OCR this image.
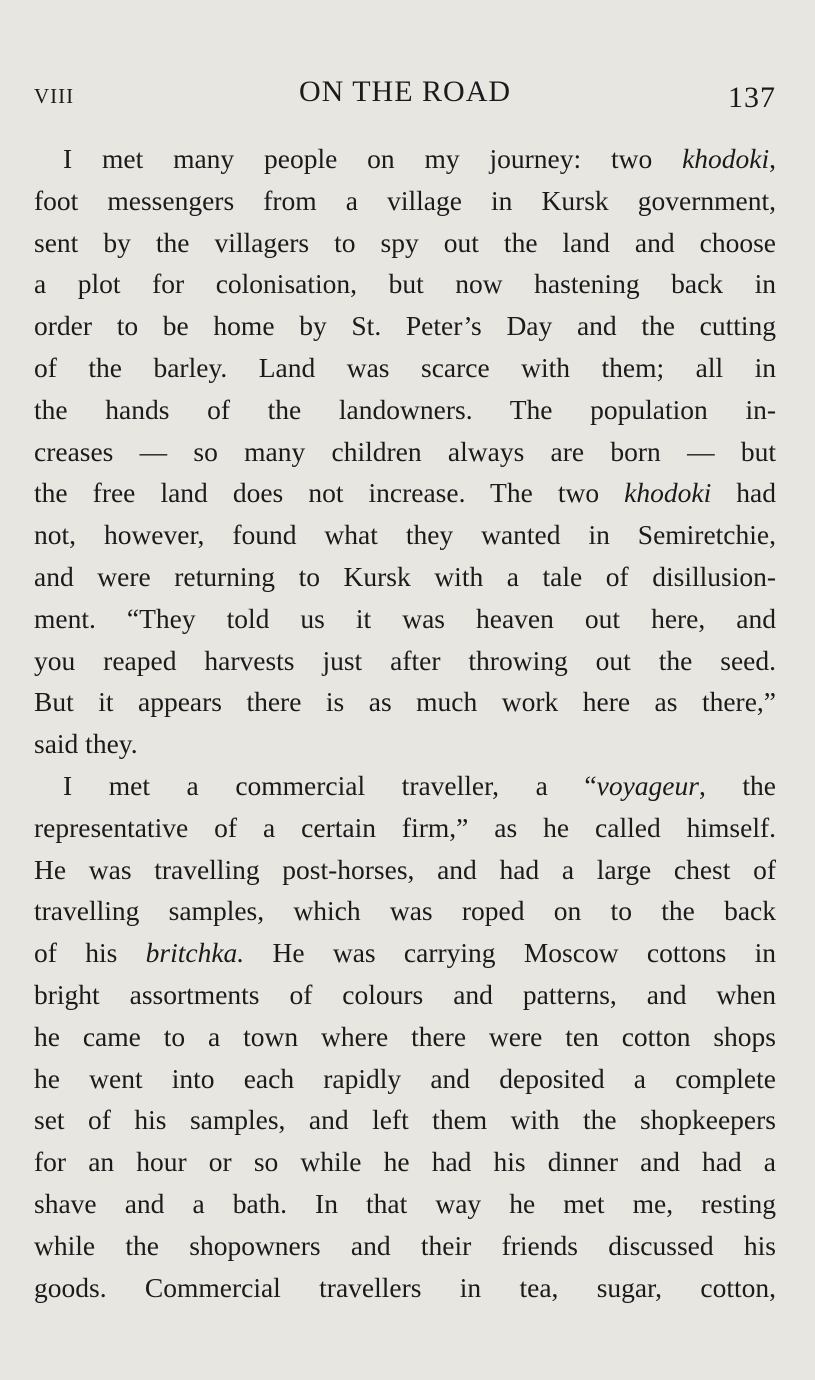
viii	ON THE ROAD	137
I met many people on my journey: two khodoki,
foot messengers from a village in Kursk government,
sent by the villagers to spy out the land and choose
a plot for colonisation, but now hastening back in
order to be home by St. Peter’s Day and the cutting
of the barley. Land was scarce with them; all in
the hands of the landowners. The population in-
creases — so many children always are born — but
the free land does not increase. The two khodoki had
not, however, found what they wanted in Semiretchie,
and were returning to Kursk with a tale of disillusion-
ment. “They told us it was heaven out here, and
you reaped harvests just after throwing out the seed.
But it appears there is as much work here as there,”
said they.
I met a commercial traveller, a “voyageur, the
representative of a certain firm,” as he called himself.
He was travelling post-horses, and had a large chest of
travelling samples, which was roped on to the back
of his britchka. He was carrying Moscow cottons in
bright assortments of colours and patterns, and when
he came to a town where there were ten cotton shops
he went into each rapidly and deposited a complete
set of his samples, and left them with the shopkeepers
for an hour or so while he had his dinner and had a
shave and a bath. In that way he met me, resting
while the shopowners and their friends discussed his
goods. Commercial travellers in tea, sugar, cotton,
